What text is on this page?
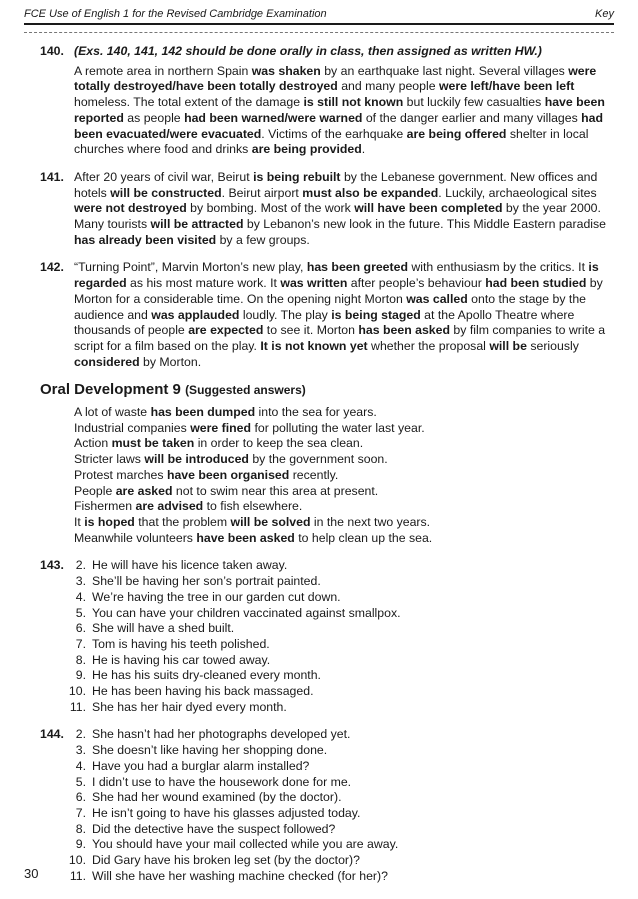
FCE Use of English 1 for the Revised Cambridge Examination	Key
140. (Exs. 140, 141, 142 should be done orally in class, then assigned as written HW.)
A remote area in northern Spain was shaken by an earthquake last night. Several villages were totally destroyed/have been totally destroyed and many people were left/have been left homeless. The total extent of the damage is still not known but luckily few casualties have been reported as people had been warned/were warned of the danger earlier and many villages had been evacuated/were evacuated. Victims of the earhquake are being offered shelter in local churches where food and drinks are being provided.
141. After 20 years of civil war, Beirut is being rebuilt by the Lebanese government. New offices and hotels will be constructed. Beirut airport must also be expanded. Luckily, archaeological sites were not destroyed by bombing. Most of the work will have been completed by the year 2000. Many tourists will be attracted by Lebanon’s new look in the future. This Middle Eastern paradise has already been visited by a few groups.
142. “Turning Point”, Marvin Morton’s new play, has been greeted with enthusiasm by the critics. It is regarded as his most mature work. It was written after people’s behaviour had been studied by Morton for a considerable time. On the opening night Morton was called onto the stage by the audience and was applauded loudly. The play is being staged at the Apollo Theatre where thousands of people are expected to see it. Morton has been asked by film companies to write a script for a film based on the play. It is not known yet whether the proposal will be seriously considered by Morton.
Oral Development 9 (Suggested answers)
A lot of waste has been dumped into the sea for years.
Industrial companies were fined for polluting the water last year.
Action must be taken in order to keep the sea clean.
Stricter laws will be introduced by the government soon.
Protest marches have been organised recently.
People are asked not to swim near this area at present.
Fishermen are advised to fish elsewhere.
It is hoped that the problem will be solved in the next two years.
Meanwhile volunteers have been asked to help clean up the sea.
143. 2. He will have his licence taken away.
3. She’ll be having her son’s portrait painted.
4. We’re having the tree in our garden cut down.
5. You can have your children vaccinated against smallpox.
6. She will have a shed built.
7. Tom is having his teeth polished.
8. He is having his car towed away.
9. He has his suits dry-cleaned every month.
10. He has been having his back massaged.
11. She has her hair dyed every month.
144. 2. She hasn’t had her photographs developed yet.
3. She doesn’t like having her shopping done.
4. Have you had a burglar alarm installed?
5. I didn’t use to have the housework done for me.
6. She had her wound examined (by the doctor).
7. He isn’t going to have his glasses adjusted today.
8. Did the detective have the suspect followed?
9. You should have your mail collected while you are away.
10. Did Gary have his broken leg set (by the doctor)?
11. Will she have her washing machine checked (for her)?
30
